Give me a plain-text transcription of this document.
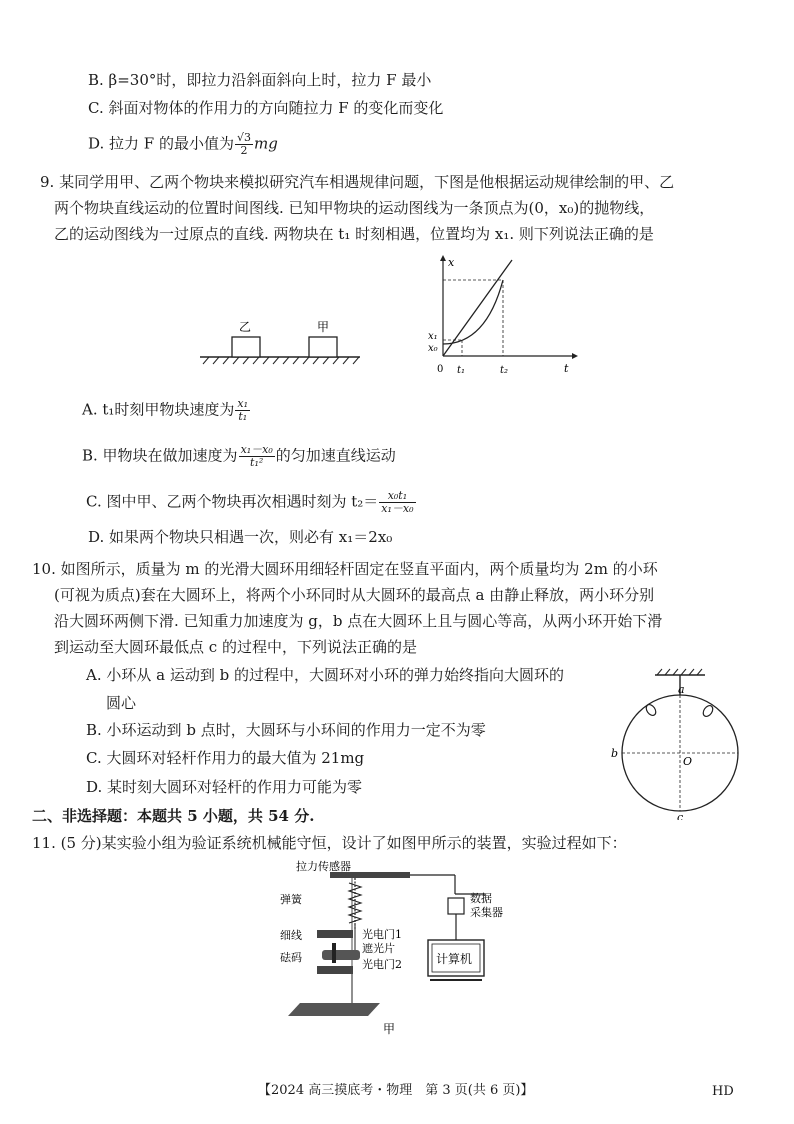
B. β=30°时，即拉力沿斜面斜向上时，拉力 F 最小
C. 斜面对物体的作用力的方向随拉力 F 的变化而变化
D. 拉力 F 的最小值为 $\frac{√3}{2}$ mg
9. 某同学用甲、乙两个物块来模拟研究汽车相遇规律问题，下图是他根据运动规律绘制的甲、乙
两个物块直线运动的位置时间图线. 已知甲物块的运动图线为一条顶点为(0，x₀)的抛物线，
乙的运动图线为一过原点的直线. 两物块在 t₁ 时刻相遇，位置均为 x₁. 则下列说法正确的是
乙	甲
x
t
0
x₁
x₀
t₁	t₂
A. t₁时刻甲物块速度为 $\frac{\text{x₁}}{\text{t₁}}$
B. 甲物块在做加速度为 $\frac{\text{x₁－x₀}}{\text{t₁²}}$ 的匀加速直线运动
C. 图中甲、乙两个物块再次相遇时刻为 $t_2= \frac{\text{x₀t₁}}{\text{x₁－x₀}}$
D. 如果两个物块只相遇一次，则必有 x₁＝2x₀
10. 如图所示，质量为 m 的光滑大圆环用细轻杆固定在竖直平面内，两个质量均为 2m 的小环
(可视为质点)套在大圆环上，将两个小环同时从大圆环的最高点 a 由静止释放，两小环分别
沿大圆环两侧下滑. 已知重力加速度为 g，b 点在大圆环上且与圆心等高，从两小环开始下滑
到运动至大圆环最低点 c 的过程中，下列说法正确的是
A. 小环从 a 运动到 b 的过程中，大圆环对小环的弹力始终指向大圆环的
圆心
B. 小环运动到 b 点时，大圆环与小环间的作用力一定不为零
C. 大圆环对轻杆作用力的最大值为 21mg
D. 某时刻大圆环对轻杆的作用力可能为零
a
b
c
O
二、非选择题：本题共 5 小题，共 54 分.
11. (5 分)某实验小组为验证系统机械能守恒，设计了如图甲所示的装置，实验过程如下：
拉力传感器
弹簧
细线
砝码
光电门1
遮光片
光电门2
数据
采集器
计算机
甲
【2024 高三摸底考・物理　第 3 页(共 6 页)】	HD
